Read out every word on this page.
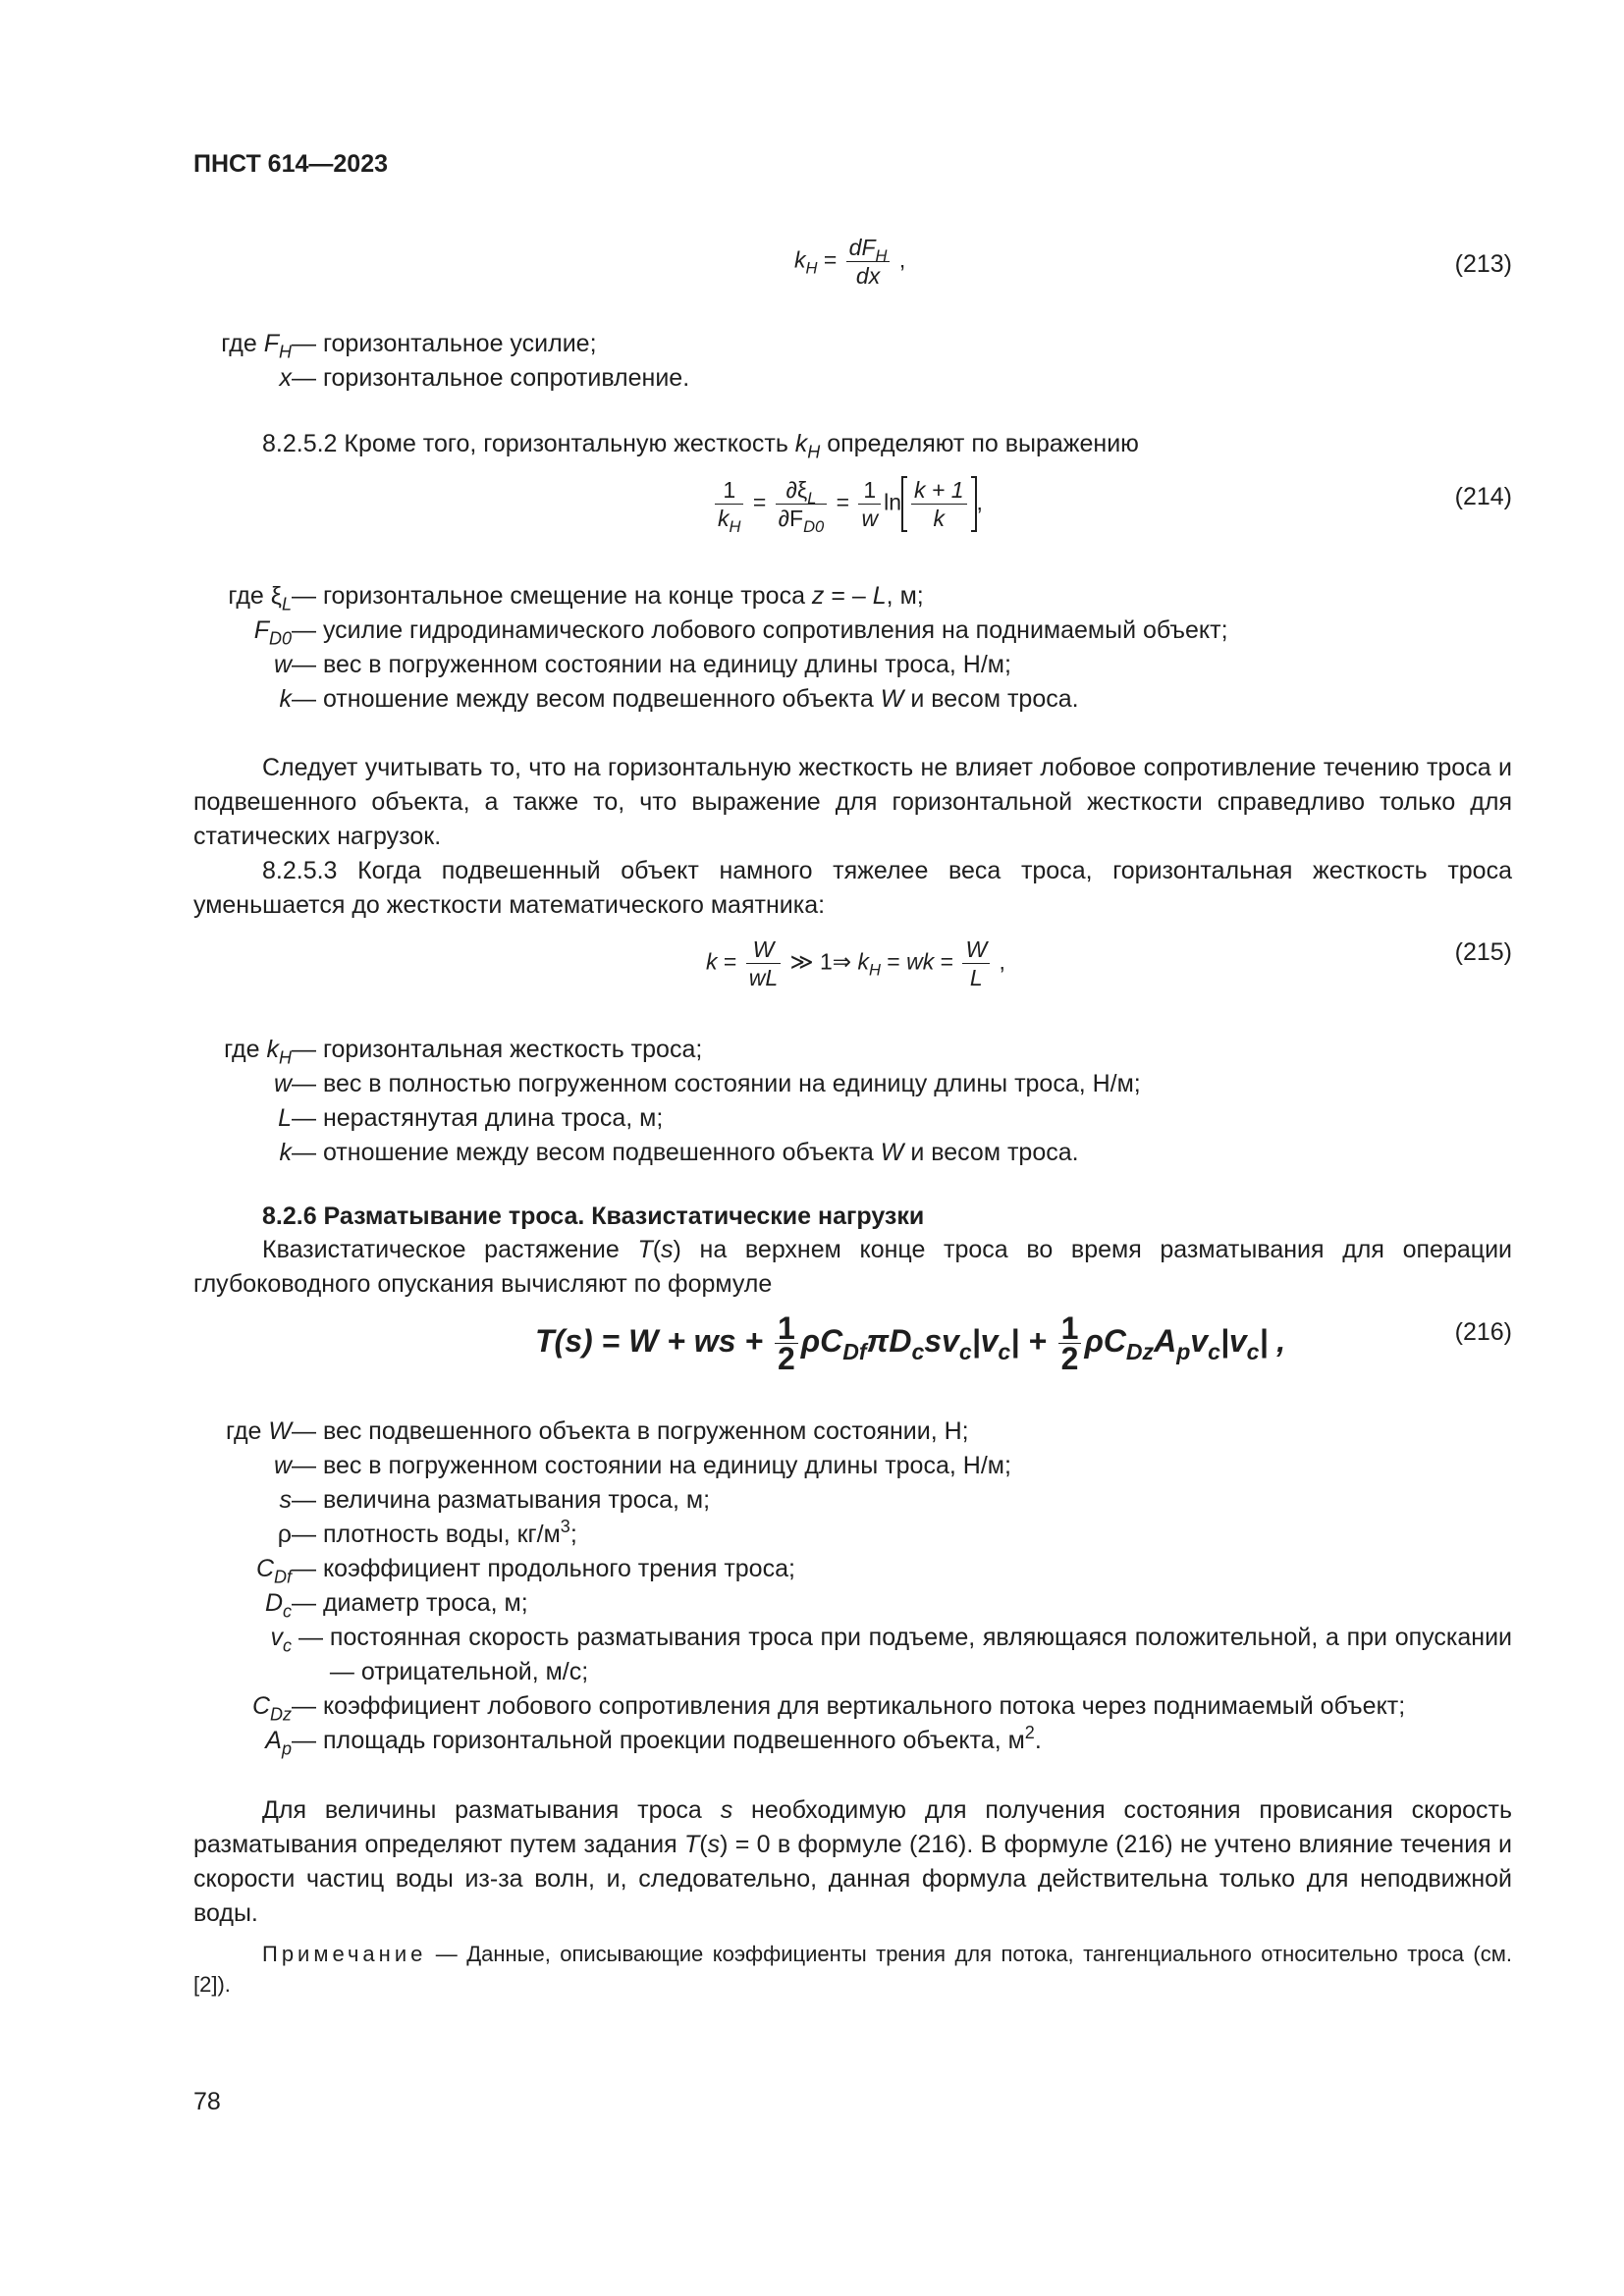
ПНСТ 614—2023
$k_H = \frac{dF_H}{dx}$ ,	(213)
где $F_H$ — горизонтальное усилие;
x — горизонтальное сопротивление.
8.2.5.2 Кроме того, горизонтальную жесткость $k_H$ определяют по выражению
$\frac{1}{k_H} = \frac{\partial\xi_L}{\partial F_{D0}} = \frac{1}{w}$ $\ln \frac{k + 1}{k}$ ,	(214)
где $\xi_L$ — горизонтальное смещение на конце троса z = – L, м;
$F_{D0}$ — усилие гидродинамического лобового сопротивления на поднимаемый объект;
w — вес в погруженном состоянии на единицу длины троса, Н/м;
k — отношение между весом подвешенного объекта W и весом троса.
Следует учитывать то, что на горизонтальную жесткость не влияет лобовое сопротивление течению троса и подвешенного объекта, а также то, что выражение для горизонтальной жесткости справедливо только для статических нагрузок.
8.2.5.3 Когда подвешенный объект намного тяжелее веса троса, горизонтальная жесткость троса уменьшается до жесткости математического маятника:
$k = \frac{W}{wL}$ ≫ 1⇒ $k_H$ = wk = $\frac{W}{L}$ ,	(215)
где $k_H$ — горизонтальная жесткость троса;
w — вес в полностью погруженном состоянии на единицу длины троса, Н/м;
L — нерастянутая длина троса, м;
k — отношение между весом подвешенного объекта W и весом троса.
8.2.6 Разматывание троса. Квазистатические нагрузки
Квазистатическое растяжение T(s) на верхнем конце троса во время разматывания для операции глубоководного опускания вычисляют по формуле
T(s) = W + ws + $\frac{1}{2} \rho C_{Df}\pi D_csv_c|v_c| + \frac{1}{2} \rho C_{Dz}A_pv_c|v_c|$ ,	(216)
где W — вес подвешенного объекта в погруженном состоянии, Н;
w — вес в погруженном состоянии на единицу длины троса, Н/м;
s — величина разматывания троса, м;
ρ — плотность воды, $кг/м^3$;
$C_{Df}$ — коэффициент продольного трения троса;
$D_c$ — диаметр троса, м;
$v_c$ — постоянная скорость разматывания троса при подъеме, являющаяся положительной, а при опускании — отрицательной, м/с;
$C_{Dz}$ — коэффициент лобового сопротивления для вертикального потока через поднимаемый объект;
$A_p$ — площадь горизонтальной проекции подвешенного объекта, $м^2$.
Для величины разматывания троса s необходимую для получения состояния провисания скорость разматывания определяют путем задания T(s) = 0 в формуле (216). В формуле (216) не учтено влияние течения и скорости частиц воды из-за волн, и, следовательно, данная формула действительна только для неподвижной воды.
Примечание — Данные, описывающие коэффициенты трения для потока, тангенциального относительно троса (см. [2]).
78
